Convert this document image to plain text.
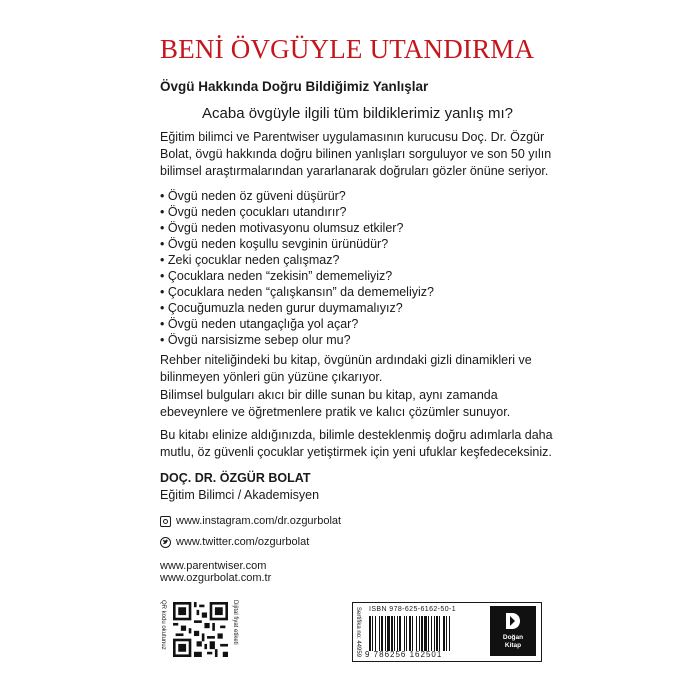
BENİ ÖVGÜYLE UTANDIRMA
Övgü Hakkında Doğru Bildiğimiz Yanlışlar
Acaba övgüyle ilgili tüm bildiklerimiz yanlış mı?
Eğitim bilimci ve Parentwiser uygulamasının kurucusu Doç. Dr. Özgür Bolat, övgü hakkında doğru bilinen yanlışları sorguluyor ve son 50 yılın bilimsel araştırmalarından yararlanarak doğruları gözler önüne seriyor.
• Övgü neden öz güveni düşürür?
• Övgü neden çocukları utandırır?
• Övgü neden motivasyonu olumsuz etkiler?
• Övgü neden koşullu sevginin ürünüdür?
• Zeki çocuklar neden çalışmaz?
• Çocuklara neden “zekisin” dememeliyiz?
• Çocuklara neden “çalışkansın” da dememeliyiz?
• Çocuğumuzla neden gurur duymamalıyız?
• Övgü neden utangaçlığa yol açar?
• Övgü narsisizme sebep olur mu?
Rehber niteliğindeki bu kitap, övgünün ardındaki gizli dinamikleri ve bilinmeyen yönleri gün yüzüne çıkarıyor.
Bilimsel bulguları akıcı bir dille sunan bu kitap, aynı zamanda ebeveynlere ve öğretmenlere pratik ve kalıcı çözümler sunuyor.
Bu kitabı elinize aldığınızda, bilimle desteklenmiş doğru adımlarla daha mutlu, öz güvenli çocuklar yetiştirmek için yeni ufuklar keşfedeceksiniz.
DOÇ. DR. ÖZGÜR BOLAT
Eğitim Bilimci / Akademisyen
www.instagram.com/dr.ozgurbolat
www.twitter.com/ozgurbolat
www.parentwiser.com
www.ozgurbolat.com.tr
QR kodu okutunuz	Dijital fiyat etiketi	Sertifika no: 44959 ISBN 978-625-6162-50-1
9 786256 162501
Doğan
Kitap
